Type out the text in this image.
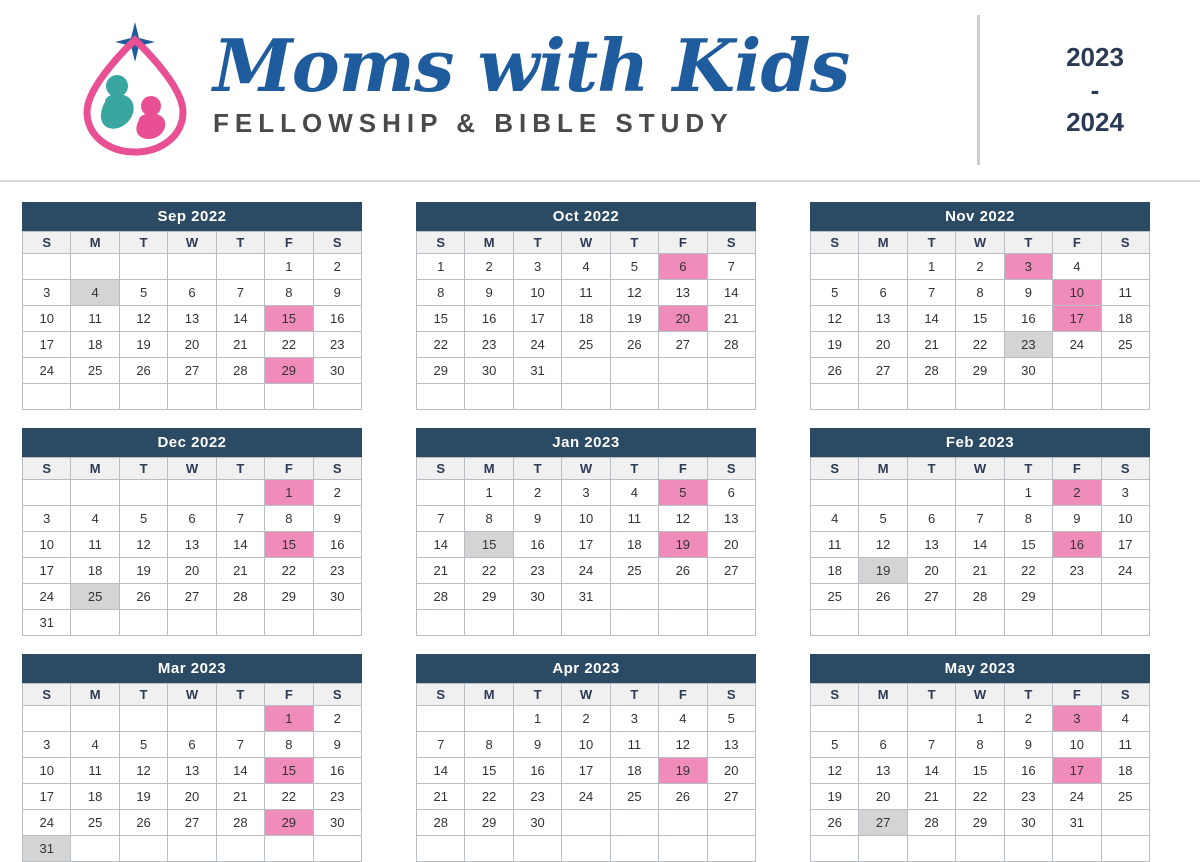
Moms with Kids
FELLOWSHIP & BIBLE STUDY
2023
-
2024
Sep 2022
S	M	T	W	T	F	S
					1	2
3	4	5	6	7	8	9
10	11	12	13	14	15	16
17	18	19	20	21	22	23
24	25	26	27	28	29	30

Oct 2022
S	M	T	W	T	F	S
1	2	3	4	5	6	7
8	9	10	11	12	13	14
15	16	17	18	19	20	21
22	23	24	25	26	27	28
29	30	31				

Nov 2022
S	M	T	W	T	F	S
		1	2	3	4	
5	6	7	8	9	10	11
12	13	14	15	16	17	18
19	20	21	22	23	24	25
26	27	28	29	30		

Dec 2022
S	M	T	W	T	F	S
					1	2
3	4	5	6	7	8	9
10	11	12	13	14	15	16
17	18	19	20	21	22	23
24	25	26	27	28	29	30
31						
Jan 2023
S	M	T	W	T	F	S
	1	2	3	4	5	6
7	8	9	10	11	12	13
14	15	16	17	18	19	20
21	22	23	24	25	26	27
28	29	30	31			

Feb 2023
S	M	T	W	T	F	S
				1	2	3
4	5	6	7	8	9	10
11	12	13	14	15	16	17
18	19	20	21	22	23	24
25	26	27	28	29		

Mar 2023
S	M	T	W	T	F	S
					1	2
3	4	5	6	7	8	9
10	11	12	13	14	15	16
17	18	19	20	21	22	23
24	25	26	27	28	29	30
31						
Apr 2023
S	M	T	W	T	F	S
		1	2	3	4	5
7	8	9	10	11	12	13
14	15	16	17	18	19	20
21	22	23	24	25	26	27
28	29	30				

May 2023
S	M	T	W	T	F	S
			1	2	3	4
5	6	7	8	9	10	11
12	13	14	15	16	17	18
19	20	21	22	23	24	25
26	27	28	29	30	31	
